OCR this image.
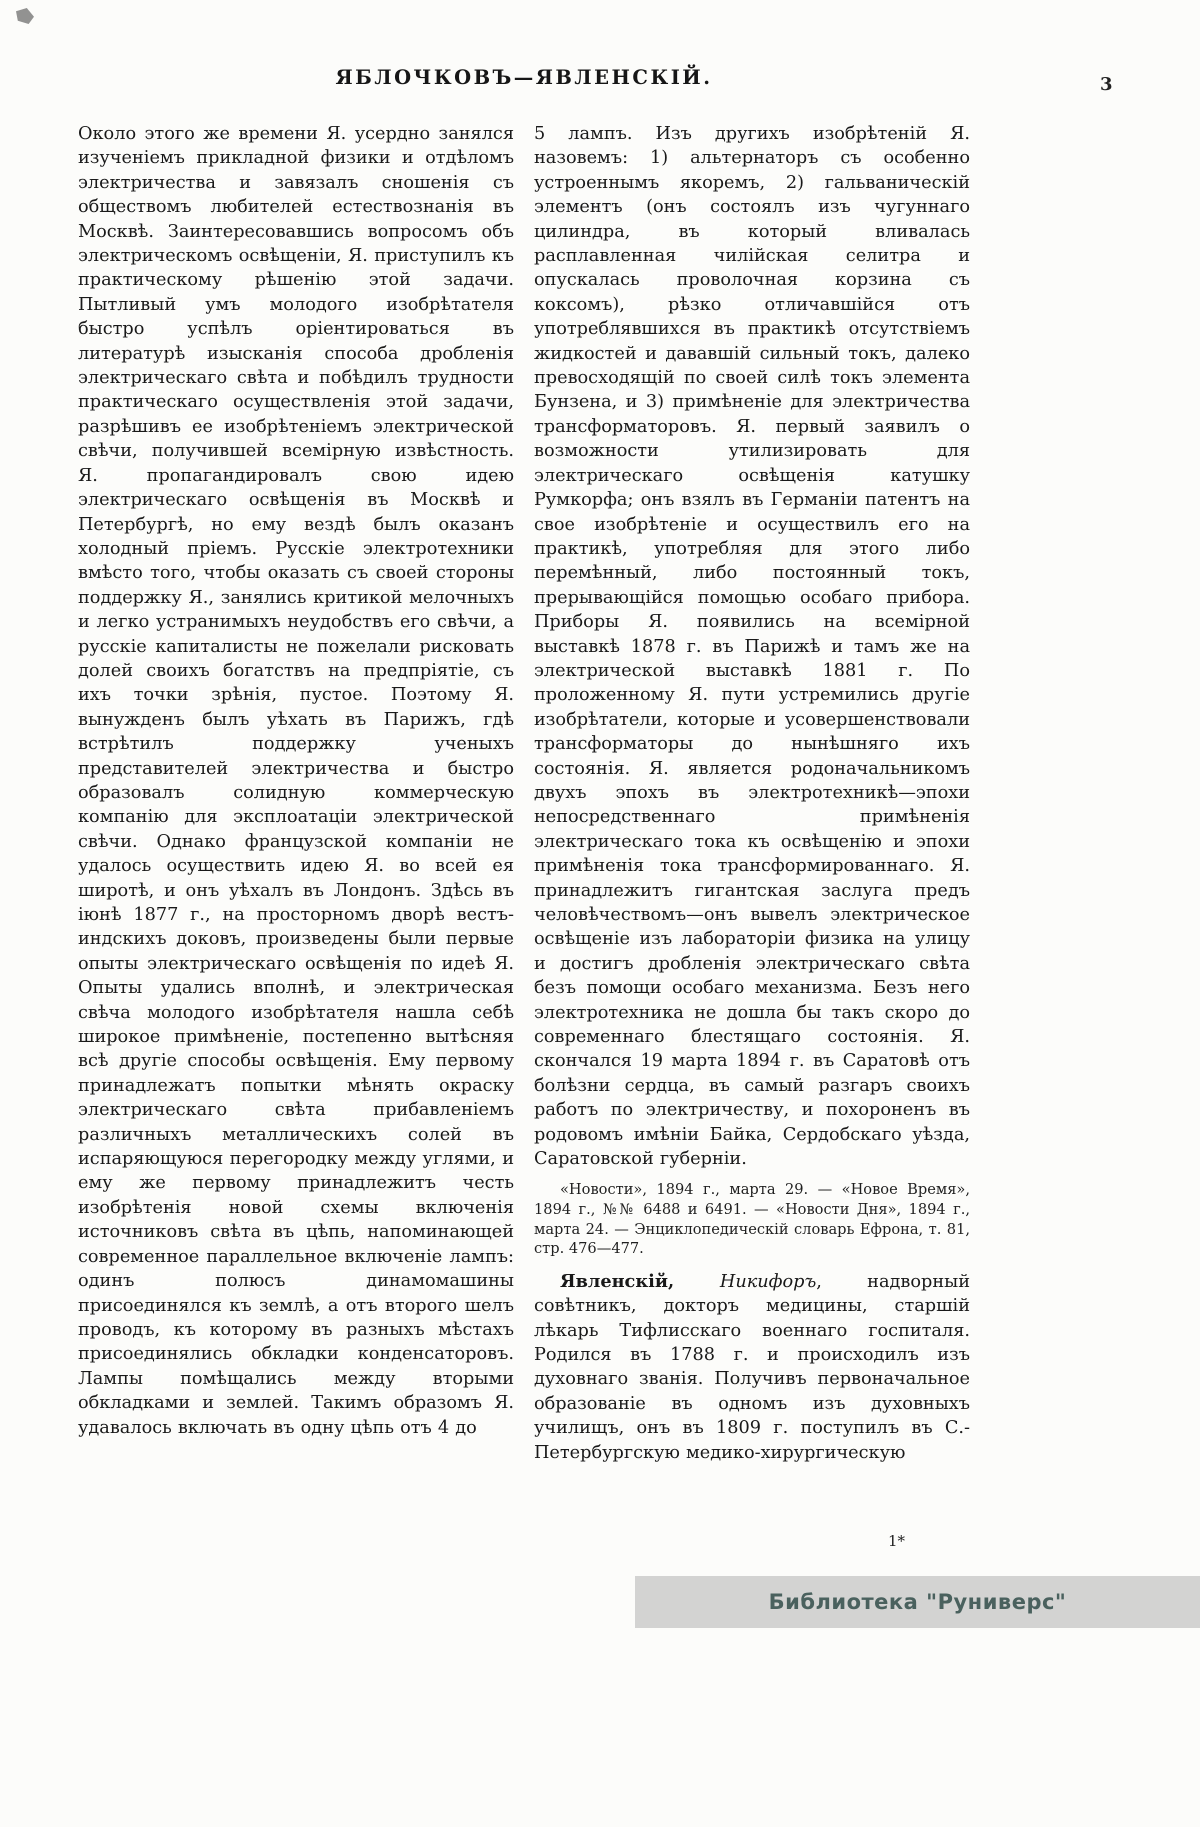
3
ЯБЛОЧКОВЪ—ЯВЛЕНСКІЙ.

Около этого же времени Я. усердно занялся изученіемъ прикладной физики и отдѣломъ электричества и завязалъ сношенія съ обществомъ любителей естествознанія въ Москвѣ. Заинтересовавшись вопросомъ объ электрическомъ освѣщеніи, Я. приступилъ къ практическому рѣшенію этой задачи. Пытливый умъ молодого изобрѣтателя быстро успѣлъ оріентироваться въ литературѣ изысканія способа дробленія электрическаго свѣта и побѣдилъ трудности практическаго осуществленія этой задачи, разрѣшивъ ее изобрѣтеніемъ электрической свѣчи, получившей всемірную извѣстность. Я. пропагандировалъ свою идею электрическаго освѣщенія въ Москвѣ и Петербургѣ, но ему вездѣ былъ оказанъ холодный пріемъ. Русскіе электротехники вмѣсто того, чтобы оказать съ своей стороны поддержку Я., занялись критикой мелочныхъ и легко устранимыхъ неудобствъ его свѣчи, а русскіе капиталисты не пожелали рисковать долей своихъ богатствъ на предпріятіе, съ ихъ точки зрѣнія, пустое. Поэтому Я. вынужденъ былъ уѣхать въ Парижъ, гдѣ встрѣтилъ поддержку ученыхъ представителей электричества и быстро образовалъ солидную коммерческую компанію для эксплоатаціи электрической свѣчи. Однако французской компаніи не удалось осуществить идею Я. во всей ея широтѣ, и онъ уѣхалъ въ Лондонъ. Здѣсь въ іюнѣ 1877 г., на просторномъ дворѣ вестъ-индскихъ доковъ, произведены были первые опыты электрическаго освѣщенія по идеѣ Я. Опыты удались вполнѣ, и электрическая свѣча молодого изобрѣтателя нашла себѣ широкое примѣненіе, постепенно вытѣсняя всѣ другіе способы освѣщенія. Ему первому принадлежатъ попытки мѣнять окраску электрическаго свѣта прибавленіемъ различныхъ металлическихъ солей въ испаряющуюся перегородку между углями, и ему же первому принадлежитъ честь изобрѣтенія новой схемы включенія источниковъ свѣта въ цѣпь, напоминающей современное параллельное включеніе лампъ: одинъ полюсъ динамомашины присоединялся къ землѣ, а отъ второго шелъ проводъ, къ которому въ разныхъ мѣстахъ присоединялись обкладки конденсаторовъ. Лампы помѣщались между вторыми обкладками и землей. Такимъ образомъ Я. удавалось включать въ одну цѣпь отъ 4 до

5 лампъ. Изъ другихъ изобрѣтеній Я. назовемъ: 1) альтернаторъ съ особенно устроеннымъ якоремъ, 2) гальваническій элементъ (онъ состоялъ изъ чугуннаго цилиндра, въ который вливалась расплавленная чилійская селитра и опускалась проволочная корзина съ коксомъ), рѣзко отличавшійся отъ употреблявшихся въ практикѣ отсутствіемъ жидкостей и дававшій сильный токъ, далеко превосходящій по своей силѣ токъ элемента Бунзена, и 3) примѣненіе для электричества трансформаторовъ. Я. первый заявилъ о возможности утилизировать для электрическаго освѣщенія катушку Румкорфа; онъ взялъ въ Германіи патентъ на свое изобрѣтеніе и осуществилъ его на практикѣ, употребляя для этого либо перемѣнный, либо постоянный токъ, прерывающійся помощью особаго прибора. Приборы Я. появились на всемірной выставкѣ 1878 г. въ Парижѣ и тамъ же на электрической выставкѣ 1881 г. По проложенному Я. пути устремились другіе изобрѣтатели, которые и усовершенствовали трансформаторы до нынѣшняго ихъ состоянія. Я. является родоначальникомъ двухъ эпохъ въ электротехникѣ—эпохи непосредственнаго примѣненія электрическаго тока къ освѣщенію и эпохи примѣненія тока трансформированнаго. Я. принадлежитъ гигантская заслуга предъ человѣчествомъ—онъ вывелъ электрическое освѣщеніе изъ лабораторіи физика на улицу и достигъ дробленія электрическаго свѣта безъ помощи особаго механизма. Безъ него электротехника не дошла бы такъ скоро до современнаго блестящаго состоянія. Я. скончался 19 марта 1894 г. въ Саратовѣ отъ болѣзни сердца, въ самый разгаръ своихъ работъ по электричеству, и похороненъ въ родовомъ имѣніи Байка, Сердобскаго уѣзда, Саратовской губерніи.

«Новости», 1894 г., марта 29. — «Новое Время», 1894 г., №№ 6488 и 6491. — «Новости Дня», 1894 г., марта 24. — Энциклопедическій словарь Ефрона, т. 81, стр. 476—477.

Явленскій, Никифоръ, надворный совѣтникъ, докторъ медицины, старшій лѣкарь Тифлисскаго военнаго госпиталя. Родился въ 1788 г. и происходилъ изъ духовнаго званія. Получивъ первоначальное образованіе въ одномъ изъ духовныхъ училищъ, онъ въ 1809 г. поступилъ въ С.-Петербургскую медико-хирургическую

1*
Библиотека "Руниверс"
